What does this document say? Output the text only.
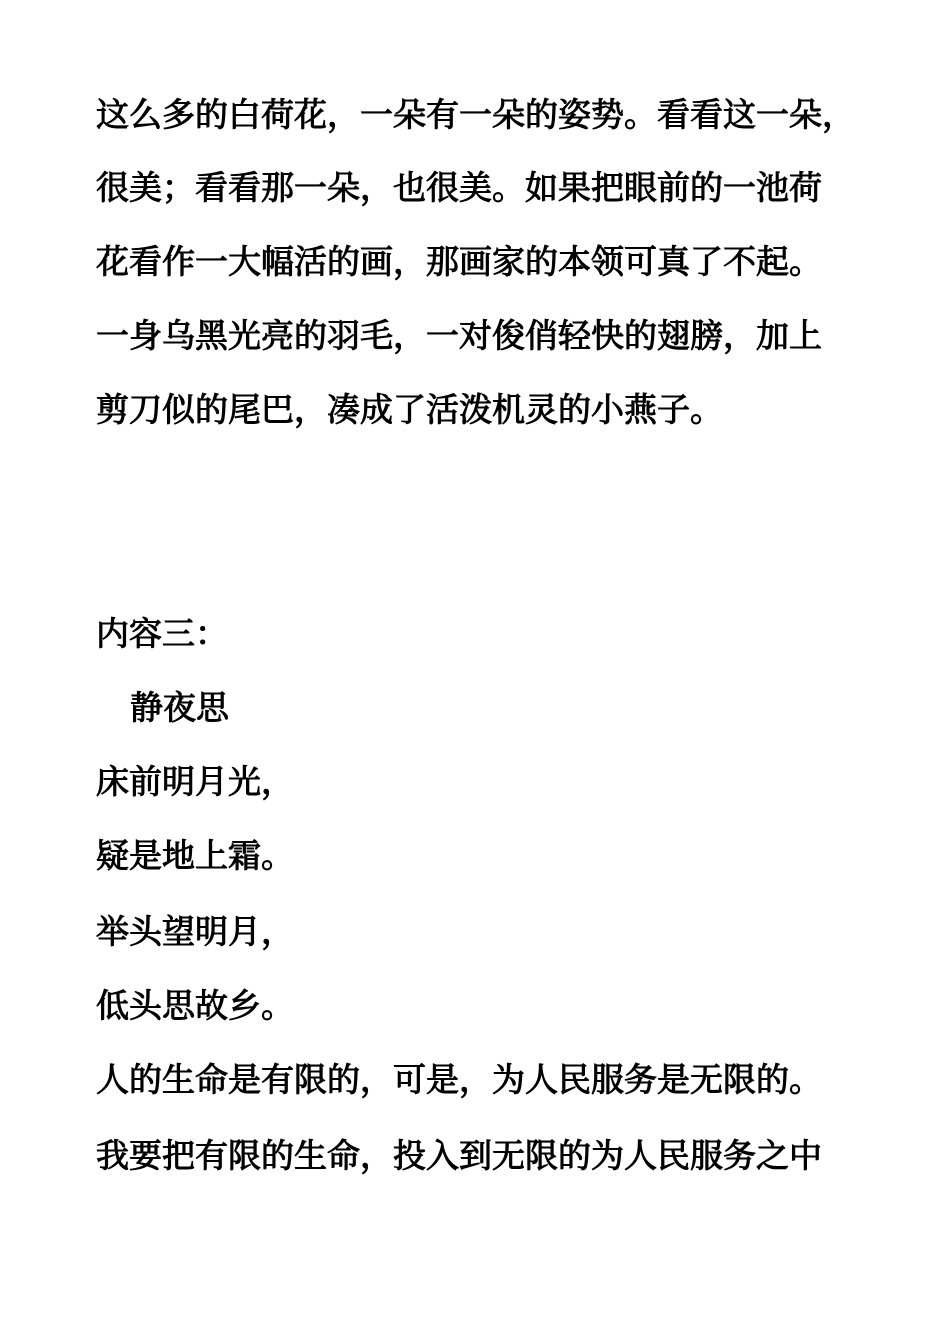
这么多的白荷花，一朵有一朵的姿势。看看这一朵，
很美；看看那一朵，也很美。如果把眼前的一池荷
花看作一大幅活的画，那画家的本领可真了不起。
一身乌黑光亮的羽毛，一对俊俏轻快的翅膀，加上
剪刀似的尾巴，凑成了活泼机灵的小燕子。
内容三：
静夜思
床前明月光，
疑是地上霜。
举头望明月，
低头思故乡。
人的生命是有限的，可是，为人民服务是无限的。
我要把有限的生命，投入到无限的为人民服务之中
